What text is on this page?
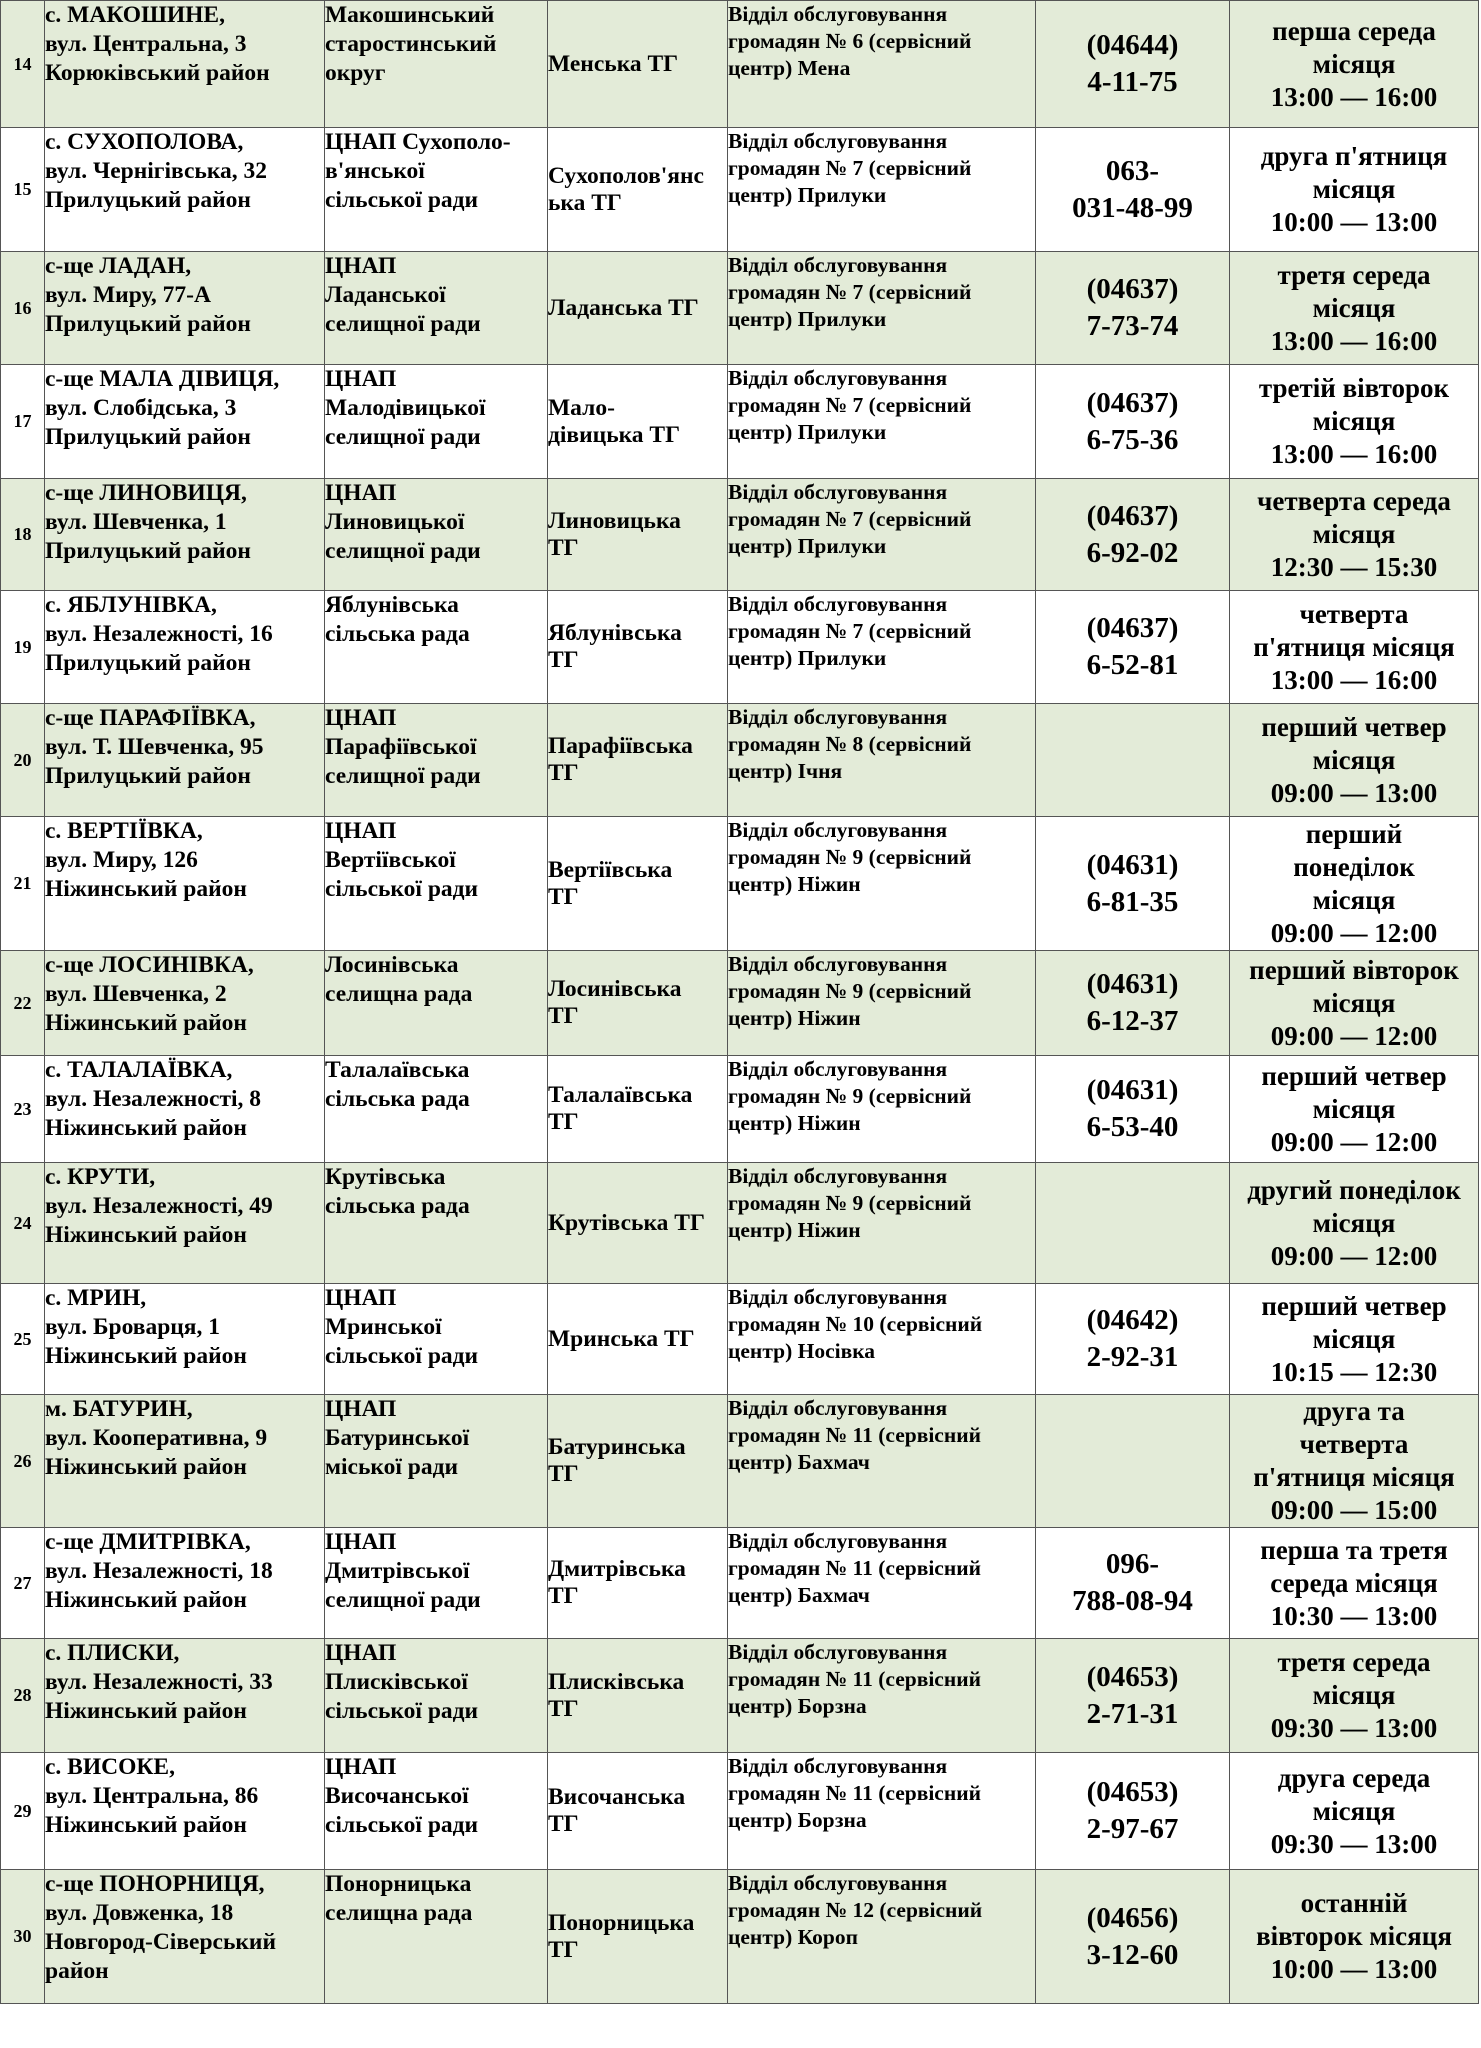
14	с. МАКОШИНЕ,
вул. Центральна, 3
Корюківський район	Макошинський
старостинський
округ	Менська ТГ	Відділ обслуговування
громадян № 6 (сервісний
центр) Мена	(04644)
4-11-75	перша середа
місяця
13:00 — 16:00

15	с. СУХОПОЛОВА,
вул. Чернігівська, 32
Прилуцький район	ЦНАП Сухополо-
в'янської
сільської ради	Сухополов'янс
ька ТГ	Відділ обслуговування
громадян № 7 (сервісний
центр) Прилуки	063-
031-48-99	друга п'ятниця
місяця
10:00 — 13:00

16	с-ще ЛАДАН,
вул. Миру, 77-А
Прилуцький район	ЦНАП
Ладанської
селищної ради	Ладанська ТГ	Відділ обслуговування
громадян № 7 (сервісний
центр) Прилуки	(04637)
7-73-74	третя середа
місяця
13:00 — 16:00

17	с-ще МАЛА ДІВИЦЯ,
вул. Слобідська, 3
Прилуцький район	ЦНАП
Малодівицької
селищної ради	Мало-
дівицька ТГ	Відділ обслуговування
громадян № 7 (сервісний
центр) Прилуки	(04637)
6-75-36	третій вівторок
місяця
13:00 — 16:00

18	с-ще ЛИНОВИЦЯ,
вул. Шевченка, 1
Прилуцький район	ЦНАП
Линовицької
селищної ради	Линовицька
ТГ	Відділ обслуговування
громадян № 7 (сервісний
центр) Прилуки	(04637)
6-92-02	четверта середа
місяця
12:30 — 15:30

19	с. ЯБЛУНІВКА,
вул. Незалежності, 16
Прилуцький район	Яблунівська
сільська рада	Яблунівська
ТГ	Відділ обслуговування
громадян № 7 (сервісний
центр) Прилуки	(04637)
6-52-81	четверта
п'ятниця місяця
13:00 — 16:00

20	с-ще ПАРАФІЇВКА,
вул. Т. Шевченка, 95
Прилуцький район	ЦНАП
Парафіївської
селищної ради	Парафіївська
ТГ	Відділ обслуговування
громадян № 8 (сервісний
центр) Ічня		перший четвер
місяця
09:00 — 13:00

21	с. ВЕРТІЇВКА,
вул. Миру, 126
Ніжинський район	ЦНАП
Вертіївської
сільської ради	Вертіївська
ТГ	Відділ обслуговування
громадян № 9 (сервісний
центр) Ніжин	(04631)
6-81-35	перший
понеділок
місяця
09:00 — 12:00

22	с-ще ЛОСИНІВКА,
вул. Шевченка, 2
Ніжинський район	Лосинівська
селищна рада	Лосинівська
ТГ	Відділ обслуговування
громадян № 9 (сервісний
центр) Ніжин	(04631)
6-12-37	перший вівторок
місяця
09:00 — 12:00

23	с. ТАЛАЛАЇВКА,
вул. Незалежності, 8
Ніжинський район	Талалаївська
сільська рада	Талалаївська
ТГ	Відділ обслуговування
громадян № 9 (сервісний
центр) Ніжин	(04631)
6-53-40	перший четвер
місяця
09:00 — 12:00

24	с. КРУТИ,
вул. Незалежності, 49
Ніжинський район	Крутівська
сільська рада	Крутівська ТГ	Відділ обслуговування
громадян № 9 (сервісний
центр) Ніжин		другий понеділок
місяця
09:00 — 12:00

25	с. МРИН,
вул. Броварця, 1
Ніжинський район	ЦНАП
Мринської
сільської ради	Мринська ТГ	Відділ обслуговування
громадян № 10 (сервісний
центр) Носівка	(04642)
2-92-31	перший четвер
місяця
10:15 — 12:30

26	м. БАТУРИН,
вул. Кооперативна, 9
Ніжинський район	ЦНАП
Батуринської
міської ради	Батуринська
ТГ	Відділ обслуговування
громадян № 11 (сервісний
центр) Бахмач		друга та
четверта
п'ятниця місяця
09:00 — 15:00

27	с-ще ДМИТРІВКА,
вул. Незалежності, 18
Ніжинський район	ЦНАП
Дмитрівської
селищної ради	Дмитрівська
ТГ	Відділ обслуговування
громадян № 11 (сервісний
центр) Бахмач	096-
788-08-94	перша та третя
середа місяця
10:30 — 13:00

28	с. ПЛИСКИ,
вул. Незалежності, 33
Ніжинський район	ЦНАП
Плисківської
сільської ради	Плисківська
ТГ	Відділ обслуговування
громадян № 11 (сервісний
центр) Борзна	(04653)
2-71-31	третя середа
місяця
09:30 — 13:00

29	с. ВИСОКЕ,
вул. Центральна, 86
Ніжинський район	ЦНАП
Височанської
сільської ради	Височанська
ТГ	Відділ обслуговування
громадян № 11 (сервісний
центр) Борзна	(04653)
2-97-67	друга середа
місяця
09:30 — 13:00

30	с-ще ПОНОРНИЦЯ,
вул. Довженка, 18
Новгород-Сіверський
район	Понорницька
селищна рада	Понорницька
ТГ	Відділ обслуговування
громадян № 12 (сервісний
центр) Короп	(04656)
3-12-60	останній
вівторок місяця
10:00 — 13:00
